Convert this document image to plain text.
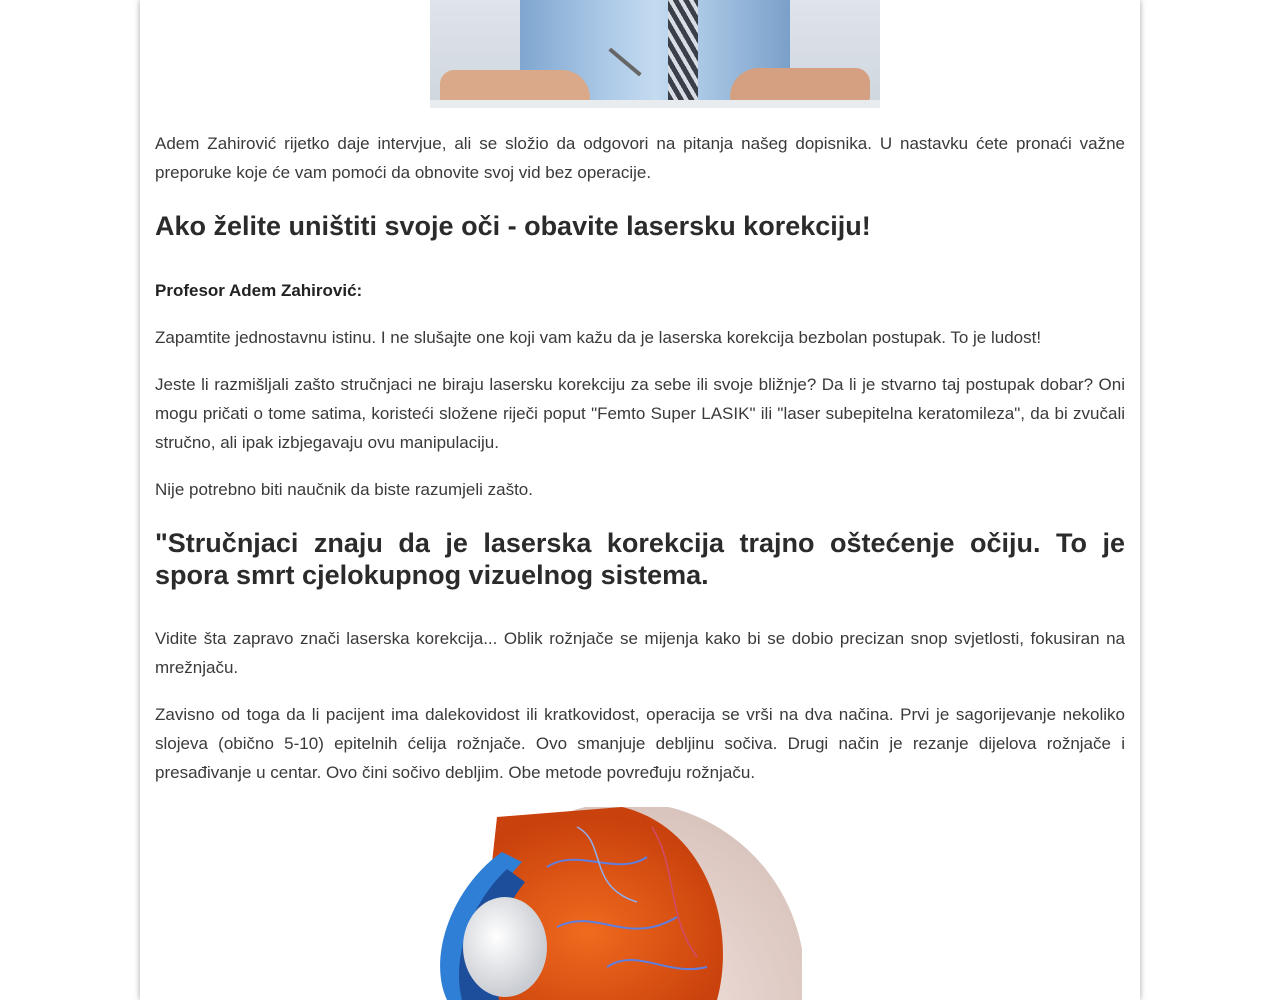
Adem Zahirović rijetko daje intervjue, ali se složio da odgovori na pitanja našeg dopisnika. U nastavku ćete pronaći važne preporuke koje će vam pomoći da obnovite svoj vid bez operacije.

Ako želite uništiti svoje oči - obavite lasersku korekciju!
Profesor Adem Zahirović:

Zapamtite jednostavnu istinu. I ne slušajte one koji vam kažu da je laserska korekcija bezbolan postupak. To je ludost!

Jeste li razmišljali zašto stručnjaci ne biraju lasersku korekciju za sebe ili svoje bližnje? Da li je stvarno taj postupak dobar? Oni mogu pričati o tome satima, koristeći složene riječi poput "Femto Super LASIK" ili "laser subepitelna keratomileza", da bi zvučali stručno, ali ipak izbjegavaju ovu manipulaciju.

Nije potrebno biti naučnik da biste razumjeli zašto.

"Stručnjaci znaju da je laserska korekcija trajno oštećenje očiju. To je spora smrt cjelokupnog vizuelnog sistema.

Vidite šta zapravo znači laserska korekcija... Oblik rožnjače se mijenja kako bi se dobio precizan snop svjetlosti, fokusiran na mrežnjaču.

Zavisno od toga da li pacijent ima dalekovidost ili kratkovidost, operacija se vrši na dva načina. Prvi je sagorijevanje nekoliko slojeva (obično 5-10) epitelnih ćelija rožnjače. Ovo smanjuje debljinu sočiva. Drugi način je rezanje dijelova rožnjače i presađivanje u centar. Ovo čini sočivo debljim. Obe metode povređuju rožnjaču.
